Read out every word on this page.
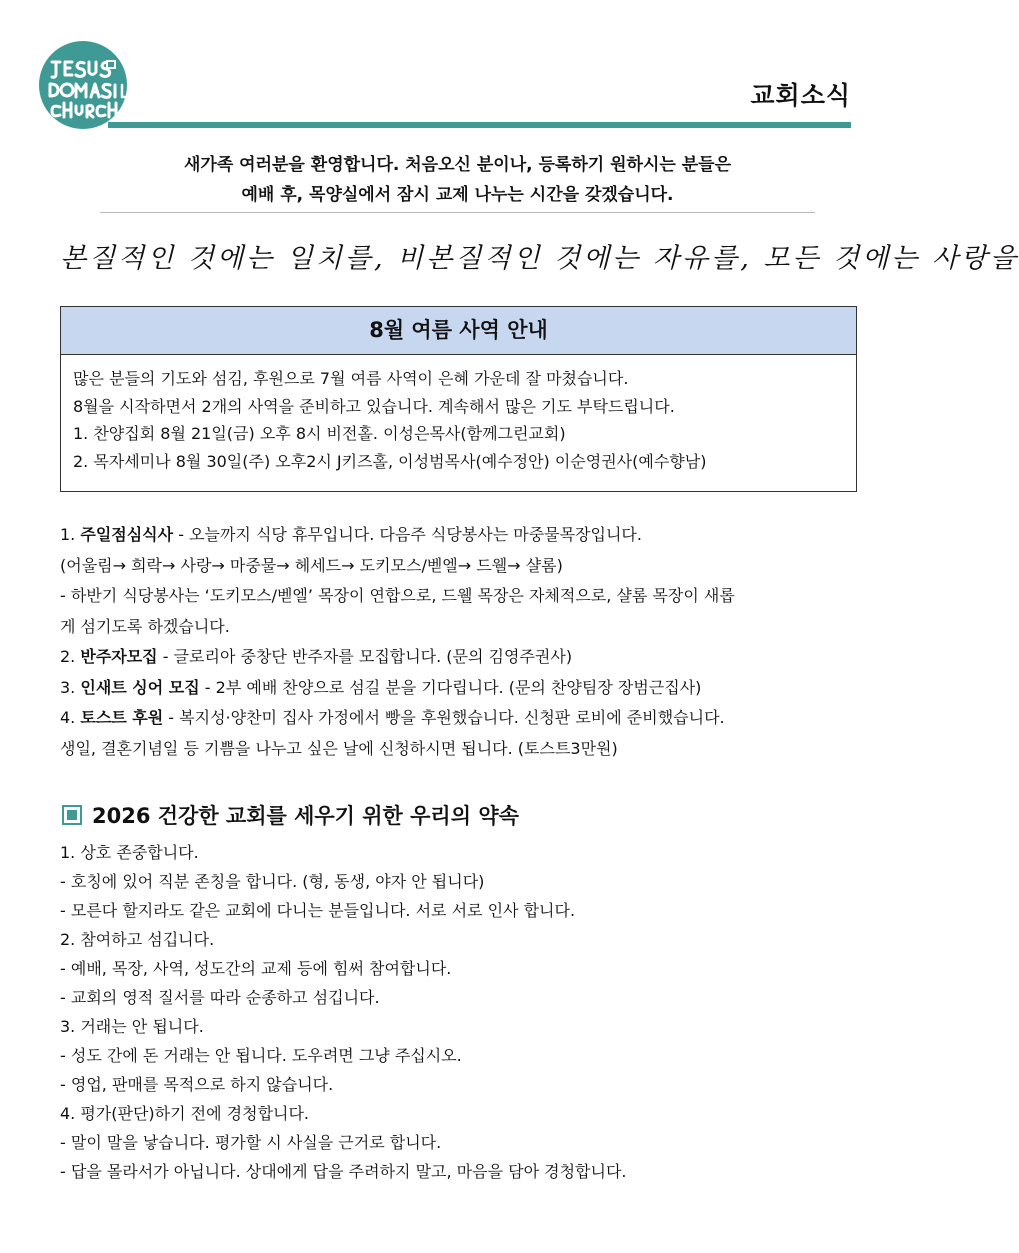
교회소식
새가족 여러분을 환영합니다. 처음오신 분이나, 등록하기 원하시는 분들은
예배 후, 목양실에서 잠시 교제 나누는 시간을 갖겠습니다.
본질적인 것에는 일치를, 비본질적인 것에는 자유를, 모든 것에는 사랑을
8월 여름 사역 안내
많은 분들의 기도와 섬김, 후원으로 7월 여름 사역이 은혜 가운데 잘 마쳤습니다.
8월을 시작하면서 2개의 사역을 준비하고 있습니다. 계속해서 많은 기도 부탁드립니다.
1. 찬양집회 8월 21일(금) 오후 8시 비전홀. 이성은목사(함께그린교회)
2. 목자세미나 8월 30일(주) 오후2시 J키즈홀, 이성범목사(예수정안) 이순영권사(예수향남)
1. 주일점심식사 - 오늘까지 식당 휴무입니다. 다음주 식당봉사는 마중물목장입니다.
(어울림→ 희락→ 사랑→ 마중물→ 헤세드→ 도키모스/벧엘→ 드웰→ 샬롬)
- 하반기 식당봉사는 ‘도키모스/벧엘’ 목장이 연합으로, 드웰 목장은 자체적으로, 샬롬 목장이 새롭
게 섬기도록 하겠습니다.
2. 반주자모집 - 글로리아 중창단 반주자를 모집합니다. (문의 김영주권사)
3. 인새트 싱어 모집 - 2부 예배 찬양으로 섬길 분을 기다립니다. (문의 찬양팀장 장범근집사)
4. 토스트 후원 - 복지성·양찬미 집사 가정에서 빵을 후원했습니다. 신청판 로비에 준비했습니다.
생일, 결혼기념일 등 기쁨을 나누고 싶은 날에 신청하시면 됩니다. (토스트3만원)
2026 건강한 교회를 세우기 위한 우리의 약속
1. 상호 존중합니다.
- 호칭에 있어 직분 존칭을 합니다. (형, 동생, 야자 안 됩니다)
- 모른다 할지라도 같은 교회에 다니는 분들입니다. 서로 서로 인사 합니다.
2. 참여하고 섬깁니다.
- 예배, 목장, 사역, 성도간의 교제 등에 힘써 참여합니다.
- 교회의 영적 질서를 따라 순종하고 섬깁니다.
3. 거래는 안 됩니다.
- 성도 간에 돈 거래는 안 됩니다. 도우려면 그냥 주십시오.
- 영업, 판매를 목적으로 하지 않습니다.
4. 평가(판단)하기 전에 경청합니다.
- 말이 말을 낳습니다. 평가할 시 사실을 근거로 합니다.
- 답을 몰라서가 아닙니다. 상대에게 답을 주려하지 말고, 마음을 담아 경청합니다.
